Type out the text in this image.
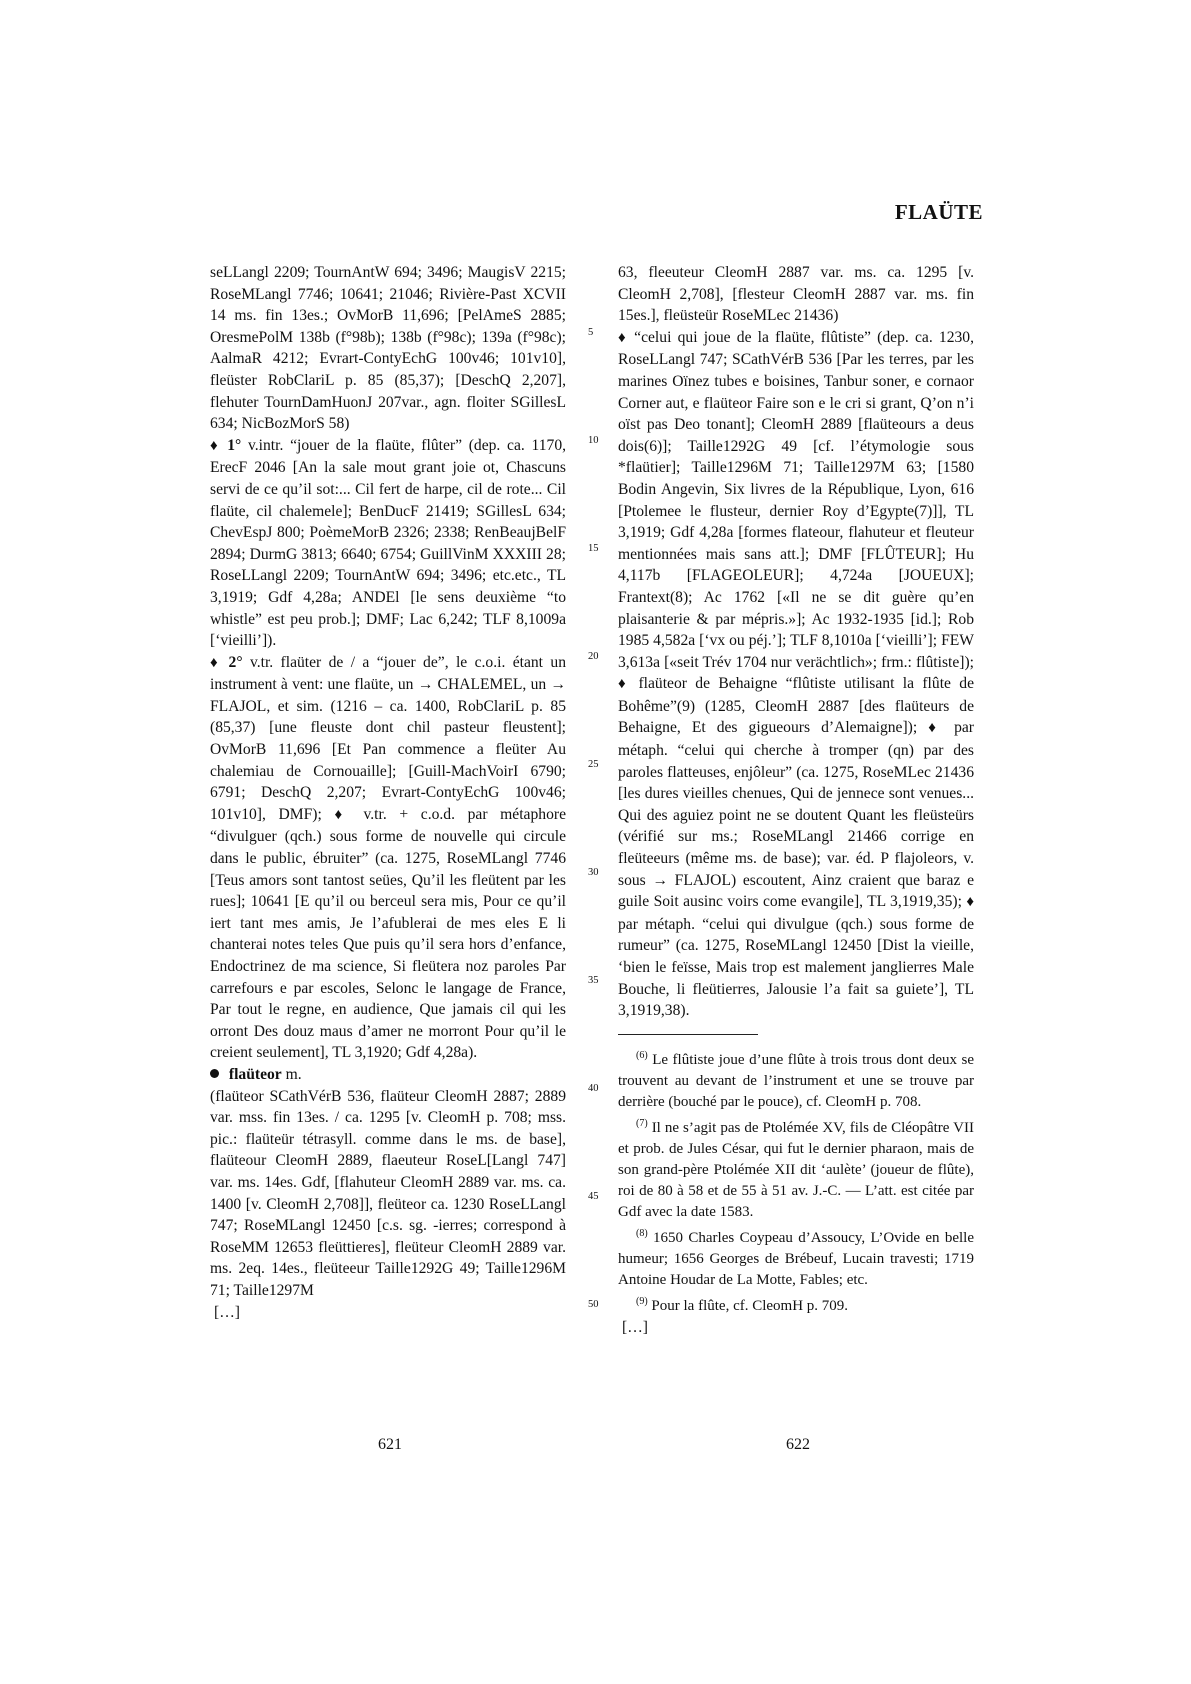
FLAÜTE

seLLangl 2209; TournAntW 694; 3496; MaugisV 2215; RoseMLangl 7746; 10641; 21046; Rivière-Past XCVII 14 ms. fin 13es.; OvMorB 11,696; [PelAmeS 2885; OresmePolM 138b (f°98b); 138b (f°98c); 139a (f°98c); AalmaR 4212; Evrart-ContyEchG 100v46; 101v10], fleüster RobClariL p. 85 (85,37); [DeschQ 2,207], flehuter TournDamHuonJ 207var., agn. floiter SGillesL 634; NicBozMorS 58)

♦ 1° v.intr. “jouer de la flaüte, flûter” (dep. ca. 1170, ErecF 2046 [An la sale mout grant joie ot, Chascuns servi de ce qu’il sot:... Cil fert de harpe, cil de rote... Cil flaüte, cil chalemele]; BenDucF 21419; SGillesL 634; ChevEspJ 800; PoèmeMorB 2326; 2338; RenBeaujBelF 2894; DurmG 3813; 6640; 6754; GuillVinM XXXIII 28; RoseLLangl 2209; TournAntW 694; 3496; etc.etc., TL 3,1919; Gdf 4,28a; ANDEl [le sens deuxième “to whistle” est peu prob.]; DMF; Lac 6,242; TLF 8,1009a [‘vieilli’]).

♦ 2° v.tr. flaüter de / a “jouer de”, le c.o.i. étant un instrument à vent: une flaüte, un → CHALEMEL, un → FLAJOL, et sim. (1216 – ca. 1400, RobClariL p. 85 (85,37) [une fleuste dont chil pasteur fleustent]; OvMorB 11,696 [Et Pan commence a fleüter Au chalemiau de Cornouaille]; [Guill-MachVoirI 6790; 6791; DeschQ 2,207; Evrart-ContyEchG 100v46; 101v10], DMF); ♦ v.tr. + c.o.d. par métaphore “divulguer (qch.) sous forme de nouvelle qui circule dans le public, ébruiter” (ca. 1275, RoseMLangl 7746 [Teus amors sont tantost seües, Qu’il les fleütent par les rues]; 10641 [E qu’il ou berceul sera mis, Pour ce qu’il iert tant mes amis, Je l’afublerai de mes eles E li chanterai notes teles Que puis qu’il sera hors d’enfance, Endoctrinez de ma science, Si fleütera noz paroles Par carrefours e par escoles, Selonc le langage de France, Par tout le regne, en audience, Que jamais cil qui les orront Des douz maus d’amer ne morront Pour qu’il le creient seulement], TL 3,1920; Gdf 4,28a).

flaüteor m.

(flaüteor SCathVérB 536, flaüteur CleomH 2887; 2889 var. mss. fin 13es. / ca. 1295 [v. CleomH p. 708; mss. pic.: flaüteür tétrasyll. comme dans le ms. de base], flaüteour CleomH 2889, flaeuteur RoseL[Langl 747] var. ms. 14es. Gdf, [flahuteur CleomH 2889 var. ms. ca. 1400 [v. CleomH 2,708]], fleüteor ca. 1230 RoseLLangl 747; RoseMLangl 12450 [c.s. sg. -ierres; correspond à RoseMM 12653 fleüttieres], fleüteur CleomH 2889 var. ms. 2eq. 14es., fleüteeur Taille1292G 49; Taille1296M 71; Taille1297M

[…]
5
10
15
20
25
30
35
40
45
50

63, fleeuteur CleomH 2887 var. ms. ca. 1295 [v. CleomH 2,708], [flesteur CleomH 2887 var. ms. fin 15es.], fleüsteür RoseMLec 21436)

♦ “celui qui joue de la flaüte, flûtiste” (dep. ca. 1230, RoseLLangl 747; SCathVérB 536 [Par les terres, par les marines Oïnez tubes e boisines, Tanbur soner, e cornaor Corner aut, e flaüteor Faire son e le cri si grant, Q’on n’i oïst pas Deo tonant]; CleomH 2889 [flaüteours a deus dois(6)]; Taille1292G 49 [cf. l’étymologie sous *flaütier]; Taille1296M 71; Taille1297M 63; [1580 Bodin Angevin, Six livres de la République, Lyon, 616 [Ptolemee le flusteur, dernier Roy d’Egypte(7)]], TL 3,1919; Gdf 4,28a [formes flateour, flahuteur et fleuteur mentionnées mais sans att.]; DMF [FLÛTEUR]; Hu 4,117b [FLAGEOLEUR]; 4,724a [JOUEUX]; Frantext(8); Ac 1762 [«Il ne se dit guère qu’en plaisanterie & par mépris.»]; Ac 1932-1935 [id.]; Rob 1985 4,582a [‘vx ou péj.’]; TLF 8,1010a [‘vieilli’]; FEW 3,613a [«seit Trév 1704 nur verächtlich»; frm.: flûtiste]); ♦ flaüteor de Behaigne “flûtiste utilisant la flûte de Bohême”(9) (1285, CleomH 2887 [des flaüteurs de Behaigne, Et des gigueours d’Alemaigne]); ♦ par métaph. “celui qui cherche à tromper (qn) par des paroles flatteuses, enjôleur” (ca. 1275, RoseMLec 21436 [les dures vieilles chenues, Qui de jennece sont venues... Qui des aguiez point ne se doutent Quant les fleüsteürs (vérifié sur ms.; RoseMLangl 21466 corrige en fleüteeurs (même ms. de base); var. éd. P flajoleors, v. sous → FLAJOL) escoutent, Ainz craient que baraz e guile Soit ausinc voirs come evangile], TL 3,1919,35); ♦ par métaph. “celui qui divulgue (qch.) sous forme de rumeur” (ca. 1275, RoseMLangl 12450 [Dist la vieille, ‘bien le feïsse, Mais trop est malement janglierres Male Bouche, li fleütierres, Jalousie l’a fait sa guiete’], TL 3,1919,38).

$^{(6)}$ Le flûtiste joue d’une flûte à trois trous dont deux se trouvent au devant de l’instrument et une se trouve par derrière (bouché par le pouce), cf. CleomH p. 708.

$^{(7)}$ Il ne s’agit pas de Ptolémée XV, fils de Cléopâtre VII et prob. de Jules César, qui fut le dernier pharaon, mais de son grand-père Ptolémée XII dit ‘aulète’ (joueur de flûte), roi de 80 à 58 et de 55 à 51 av. J.-C. — L’att. est citée par Gdf avec la date 1583.

$^{(8)}$ 1650 Charles Coypeau d’Assoucy, L’Ovide en belle humeur; 1656 Georges de Brébeuf, Lucain travesti; 1719 Antoine Houdar de La Motte, Fables; etc.

$^{(9)}$ Pour la flûte, cf. CleomH p. 709.

[…]
621	622
